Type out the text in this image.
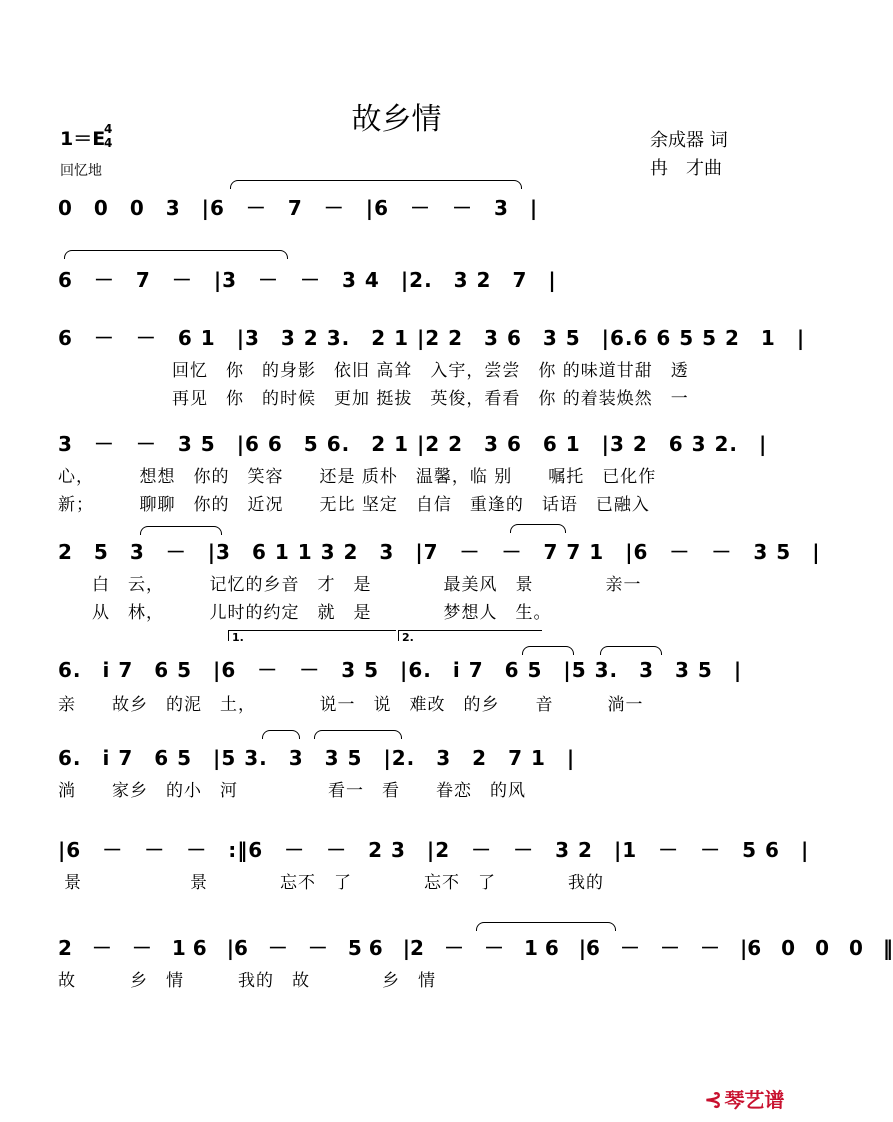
故乡情
1＝E
4
4
回忆地
余成器 词
冉　才曲
0　0　0　3　|6　－　7　－　|6　－　－　3　|
6　－　7　－　|3　－　－　3 4　|2.　3 2　7　|
6　－　－　6 1　|3　3 2 3.　2 1 |2 2　3 6　3 5　|6.6 6 5 5 2　1　|
回忆　你　的身影　依旧 高耸　入宇，尝尝　你 的味道甘甜　透
再见　你　的时候　更加 挺拔　英俊，看看　你 的着装焕然　一
3　－　－　3 5　|6 6　5 6.　2 1 |2 2　3 6　6 1　|3 2　6 3 2.　|
心，　　　想想　你的　笑容　　还是 质朴　温馨，临 别　　嘱托　已化作
新；　　　聊聊　你的　近况　　无比 坚定　自信　重逢的　话语　已融入
2　5　3　－　|3　6 1 1 3 2　3　|7　－　－　7 7 1　|6　－　－　3 5　|
白　云，　　　记忆的乡音　才　是　　　　最美风　景　　　　亲一
从　林，　　　儿时的约定　就　是　　　　梦想人　生。
1.	2.
6.　i 7　6 5　|6　－　－　3 5　|6.　i 7　6 5　|5 3.　3　3 5　|
亲　　故乡　的泥　土，　　　　说一　说　难改　的乡　　音　　　淌一
6.　i 7　6 5　|5 3.　3　3 5　|2.　3　2　7 1　|
淌　　家乡　的小　河　　　　　看一　看　　眷恋　的风
|6　－　－　－　:‖6　－　－　2 3　|2　－　－　3 2　|1　－　－　5 6　|
景　　　　　　景　　　　忘不　了　　　　忘不　了　　　　我的
2　－　－　1 6　|6　－　－　5 6　|2　－　－　1 6　|6　－　－　－　|6　0　0　0　‖
故　　　乡　情　　　我的　故　　　　乡　情
⊰ 琴艺谱
